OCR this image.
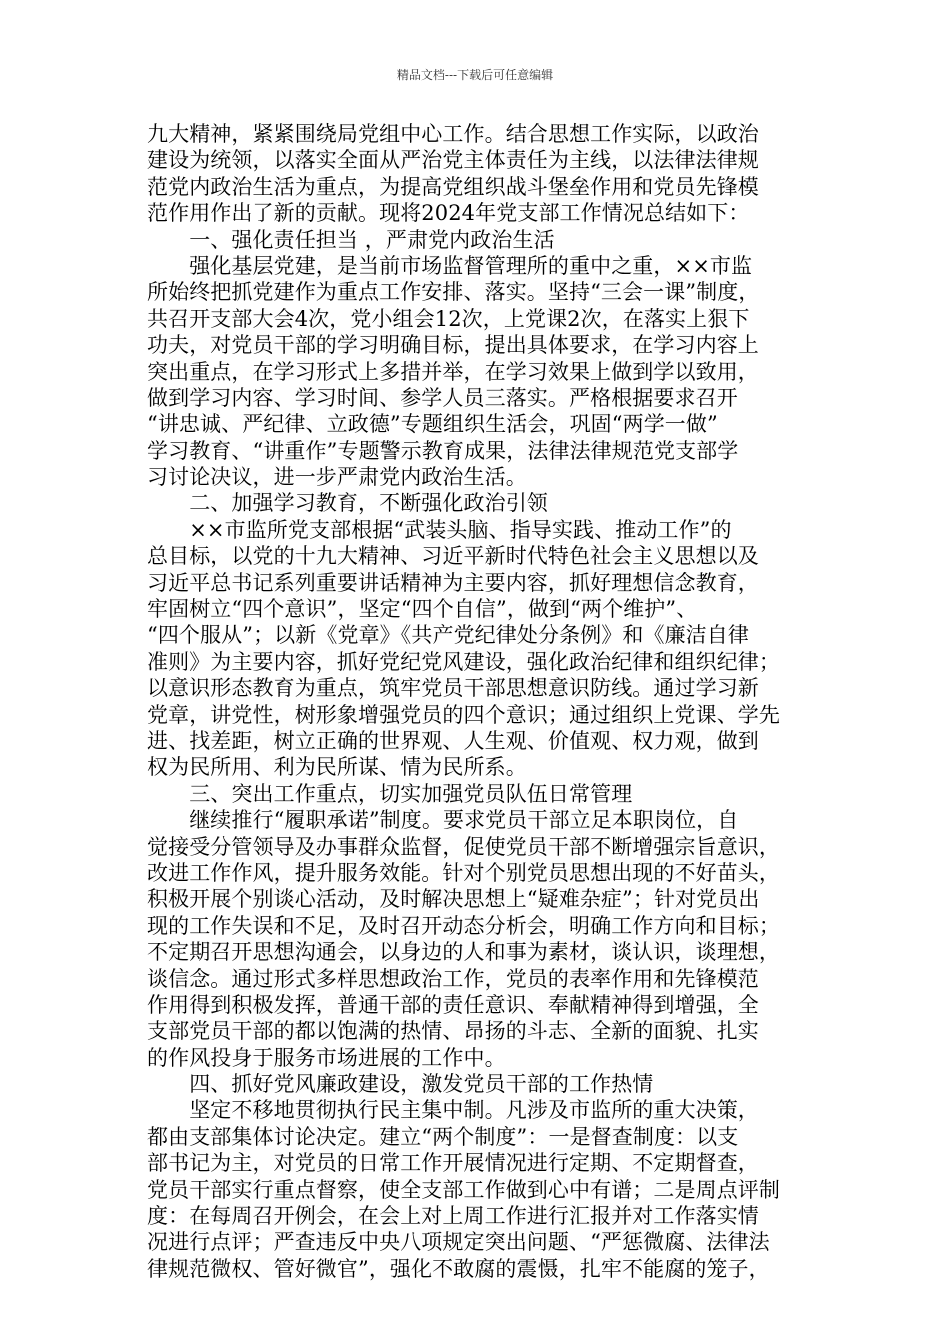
精品文档---下载后可任意编辑
九大精神，紧紧围绕局党组中心工作。结合思想工作实际，以政治
建设为统领，以落实全面从严治党主体责任为主线，以法律法律规
范党内政治生活为重点，为提高党组织战斗堡垒作用和党员先锋模
范作用作出了新的贡献。现将2024年党支部工作情况总结如下：
　　一、强化责任担当 ，严肃党内政治生活
　　强化基层党建，是当前市场监督管理所的重中之重，××市监
所始终把抓党建作为重点工作安排、落实。坚持“三会一课”制度，
共召开支部大会4次，党小组会12次，上党课2次，在落实上狠下
功夫，对党员干部的学习明确目标，提出具体要求，在学习内容上
突出重点，在学习形式上多措并举，在学习效果上做到学以致用，
做到学习内容、学习时间、参学人员三落实。严格根据要求召开
“讲忠诚、严纪律、立政德”专题组织生活会，巩固“两学一做”
学习教育、“讲重作”专题警示教育成果，法律法律规范党支部学
习讨论决议，进一步严肃党内政治生活。
　　二、加强学习教育，不断强化政治引领
　　××市监所党支部根据“武装头脑、指导实践、推动工作”的
总目标，以党的十九大精神、习近平新时代特色社会主义思想以及
习近平总书记系列重要讲话精神为主要内容，抓好理想信念教育，
牢固树立“四个意识”，坚定“四个自信”，做到“两个维护”、
“四个服从”；以新《党章》《共产党纪律处分条例》和《廉洁自律
准则》为主要内容，抓好党纪党风建设，强化政治纪律和组织纪律；
以意识形态教育为重点，筑牢党员干部思想意识防线。通过学习新
党章，讲党性，树形象增强党员的四个意识；通过组织上党课、学先
进、找差距，树立正确的世界观、人生观、价值观、权力观，做到
权为民所用、利为民所谋、情为民所系。
　　三、突出工作重点，切实加强党员队伍日常管理
　　继续推行“履职承诺”制度。要求党员干部立足本职岗位，自
觉接受分管领导及办事群众监督，促使党员干部不断增强宗旨意识，
改进工作作风，提升服务效能。针对个别党员思想出现的不好苗头，
积极开展个别谈心活动，及时解决思想上“疑难杂症”；针对党员出
现的工作失误和不足，及时召开动态分析会，明确工作方向和目标；
不定期召开思想沟通会，以身边的人和事为素材，谈认识，谈理想，
谈信念。通过形式多样思想政治工作，党员的表率作用和先锋模范
作用得到积极发挥，普通干部的责任意识、奉献精神得到增强，全
支部党员干部的都以饱满的热情、昂扬的斗志、全新的面貌、扎实
的作风投身于服务市场进展的工作中。
　　四、抓好党风廉政建设，激发党员干部的工作热情
　　坚定不移地贯彻执行民主集中制。凡涉及市监所的重大决策，
都由支部集体讨论决定。建立“两个制度”：一是督查制度：以支
部书记为主，对党员的日常工作开展情况进行定期、不定期督查，
党员干部实行重点督察，使全支部工作做到心中有谱；二是周点评制
度：在每周召开例会，在会上对上周工作进行汇报并对工作落实情
况进行点评；严查违反中央八项规定突出问题、“严惩微腐、法律法
律规范微权、管好微官”，强化不敢腐的震慑，扎牢不能腐的笼子，
